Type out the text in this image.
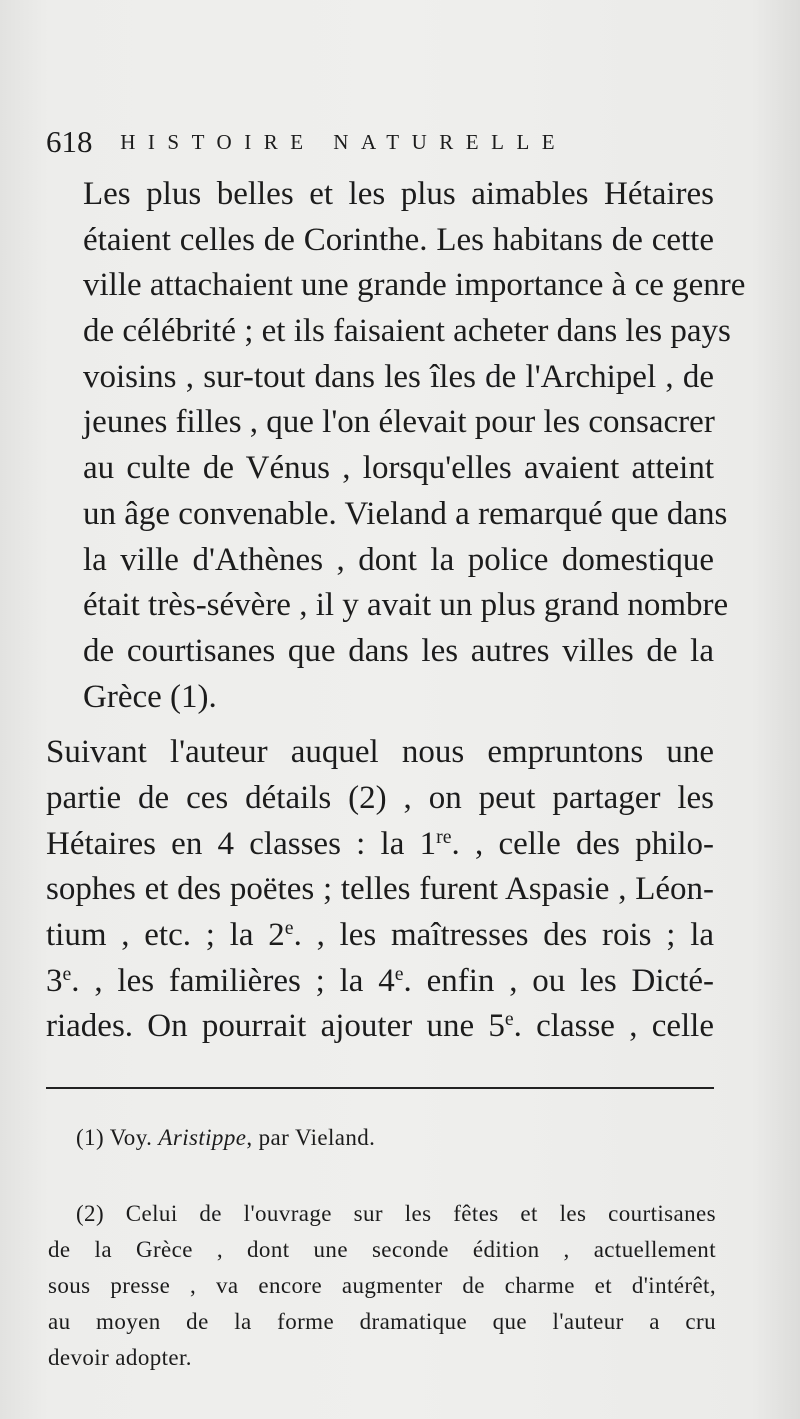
618 HISTOIRE NATURELLE

Les plus belles et les plus aimables Hétaires
étaient celles de Corinthe. Les habitans de cette
ville attachaient une grande importance à ce genre
de célébrité ; et ils faisaient acheter dans les pays
voisins , sur-tout dans les îles de l'Archipel , de
jeunes filles , que l'on élevait pour les consacrer
au culte de Vénus , lorsqu'elles avaient atteint
un âge convenable. Vieland a remarqué que dans
la ville d'Athènes , dont la police domestique
était très-sévère , il y avait un plus grand nombre
de courtisanes que dans les autres villes de la
Grèce (1).

Suivant l'auteur auquel nous empruntons une
partie de ces détails (2) , on peut partager les
Hétaires en 4 classes : la 1re. , celle des philo-
sophes et des poëtes ; telles furent Aspasie , Léon-
tium , etc. ; la 2e. , les maîtresses des rois ; la
3e. , les familières ; la 4e. enfin , ou les Dicté-
riades. On pourrait ajouter une 5e. classe , celle

(1) Voy. Aristippe, par Vieland.
(2) Celui de l'ouvrage sur les fêtes et les courtisanes
de la Grèce , dont une seconde édition , actuellement
sous presse , va encore augmenter de charme et d'intérêt,
au moyen de la forme dramatique que l'auteur a cru
devoir adopter.
